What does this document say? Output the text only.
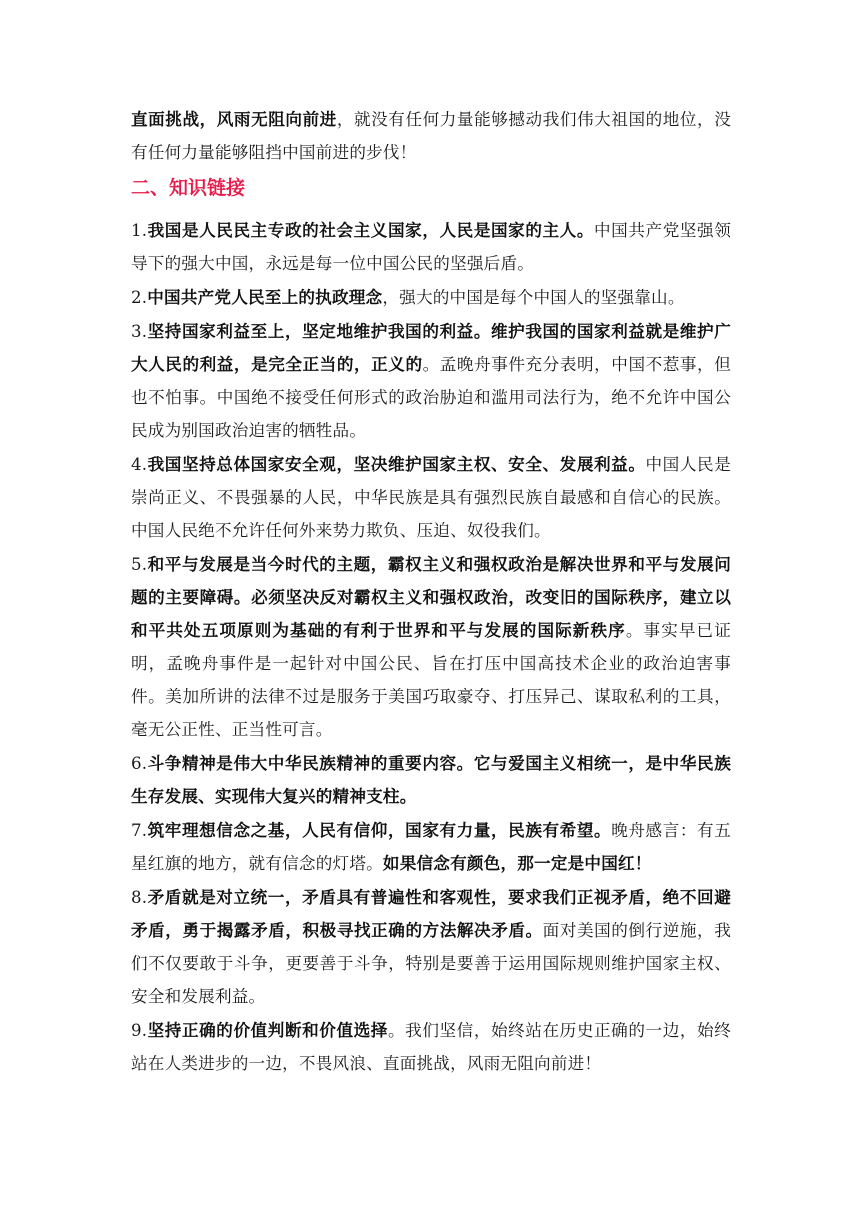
直面挑战，风雨无阻向前进，就没有任何力量能够撼动我们伟大祖国的地位，没有任何力量能够阻挡中国前进的步伐！

二、知识链接

1.我国是人民民主专政的社会主义国家，人民是国家的主人。中国共产党坚强领导下的强大中国，永远是每一位中国公民的坚强后盾。

2.中国共产党人民至上的执政理念，强大的中国是每个中国人的坚强靠山。

3.坚持国家利益至上，坚定地维护我国的利益。维护我国的国家利益就是维护广大人民的利益，是完全正当的，正义的。孟晚舟事件充分表明，中国不惹事，但也不怕事。中国绝不接受任何形式的政治胁迫和滥用司法行为，绝不允许中国公民成为别国政治迫害的牺牲品。

4.我国坚持总体国家安全观，坚决维护国家主权、安全、发展利益。中国人民是崇尚正义、不畏强暴的人民，中华民族是具有强烈民族自最感和自信心的民族。中国人民绝不允许任何外来势力欺负、压迫、奴役我们。

5.和平与发展是当今时代的主题，霸权主义和强权政治是解决世界和平与发展问题的主要障碍。必须坚决反对霸权主义和强权政治，改变旧的国际秩序，建立以和平共处五项原则为基础的有利于世界和平与发展的国际新秩序。事实早已证明，孟晚舟事件是一起针对中国公民、旨在打压中国高技术企业的政治迫害事件。美加所讲的法律不过是服务于美国巧取豪夺、打压异己、谋取私利的工具，毫无公正性、正当性可言。

6.斗争精神是伟大中华民族精神的重要内容。它与爱国主义相统一，是中华民族生存发展、实现伟大复兴的精神支柱。

7.筑牢理想信念之基，人民有信仰，国家有力量，民族有希望。晚舟感言：有五星红旗的地方，就有信念的灯塔。如果信念有颜色，那一定是中国红！

8.矛盾就是对立统一，矛盾具有普遍性和客观性，要求我们正视矛盾，绝不回避矛盾，勇于揭露矛盾，积极寻找正确的方法解决矛盾。面对美国的倒行逆施，我们不仅要敢于斗争，更要善于斗争，特别是要善于运用国际规则维护国家主权、安全和发展利益。

9.坚持正确的价值判断和价值选择。我们坚信，始终站在历史正确的一边，始终站在人类进步的一边，不畏风浪、直面挑战，风雨无阻向前进！
